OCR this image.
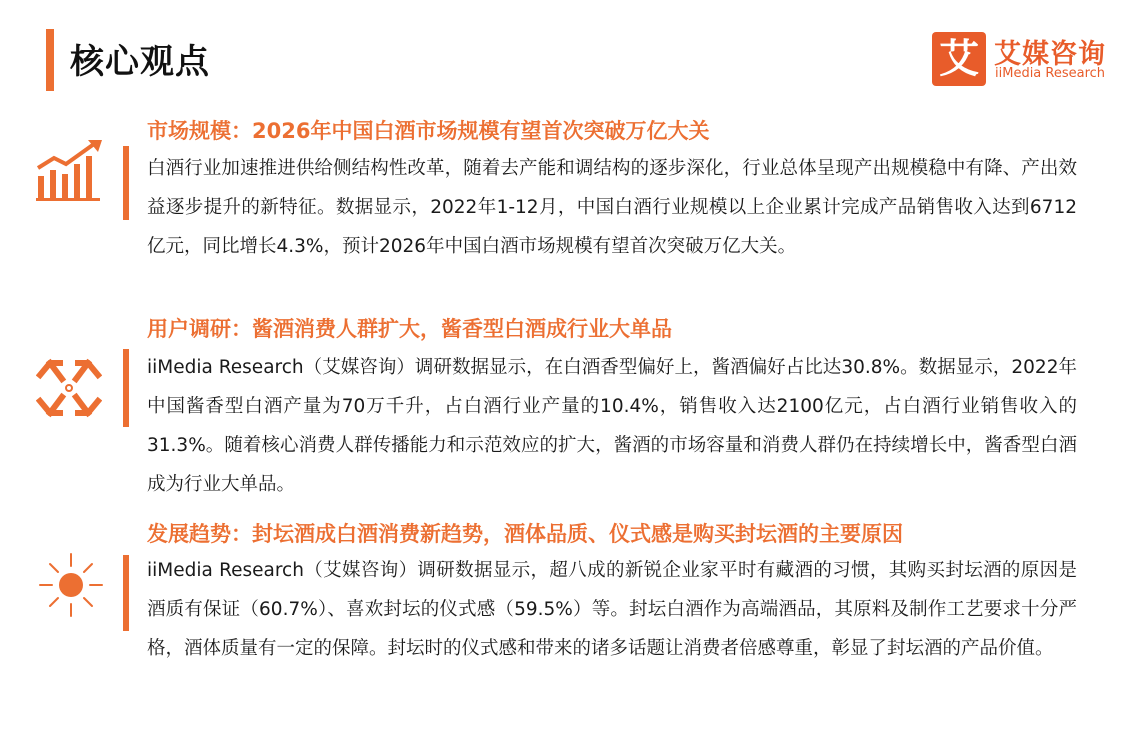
核心观点	艾 艾媒咨询
iiMedia Research
市场规模：2026年中国白酒市场规模有望首次突破万亿大关
白酒行业加速推进供给侧结构性改革，随着去产能和调结构的逐步深化，行业总体呈现产出规模稳中有降、产出效益逐步提升的新特征。数据显示，2022年1-12月，中国白酒行业规模以上企业累计完成产品销售收入达到6712亿元，同比增长4.3%，预计2026年中国白酒市场规模有望首次突破万亿大关。
用户调研：酱酒消费人群扩大，酱香型白酒成行业大单品
iiMedia Research（艾媒咨询）调研数据显示，在白酒香型偏好上，酱酒偏好占比达30.8%。数据显示，2022年中国酱香型白酒产量为70万千升，占白酒行业产量的10.4%，销售收入达2100亿元，占白酒行业销售收入的31.3%。随着核心消费人群传播能力和示范效应的扩大，酱酒的市场容量和消费人群仍在持续增长中，酱香型白酒成为行业大单品。
发展趋势：封坛酒成白酒消费新趋势，酒体品质、仪式感是购买封坛酒的主要原因
iiMedia Research（艾媒咨询）调研数据显示，超八成的新锐企业家平时有藏酒的习惯，其购买封坛酒的原因是酒质有保证（60.7%）、喜欢封坛的仪式感（59.5%）等。封坛白酒作为高端酒品，其原料及制作工艺要求十分严格，酒体质量有一定的保障。封坛时的仪式感和带来的诸多话题让消费者倍感尊重，彰显了封坛酒的产品价值。
